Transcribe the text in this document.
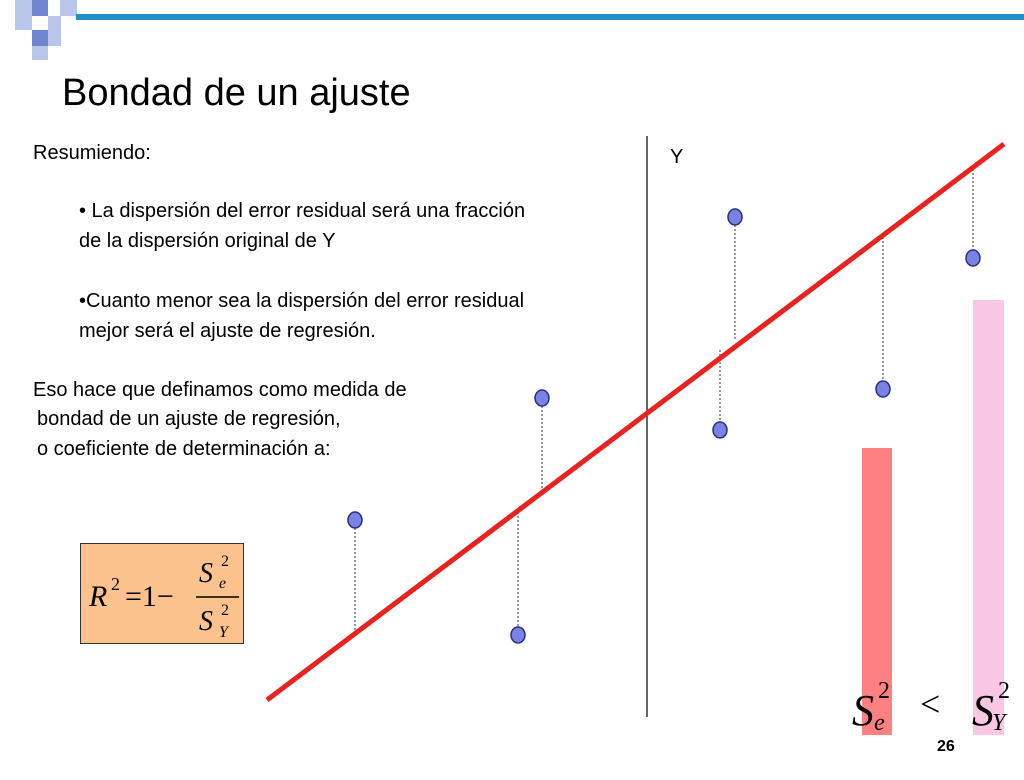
Bondad de un ajuste
Resumiendo:
• La dispersión del error residual será una fracción
de la dispersión original de Y
•Cuanto menor sea la dispersión del error residual
mejor será el ajuste de regresión.
Eso hace que definamos como medida de
bondad de un ajuste de regresión,
o coeficiente de determinación a:
R 2 =1−
S 2
e
S 2
Y
Y
S 2
e < S 2
Y
26
